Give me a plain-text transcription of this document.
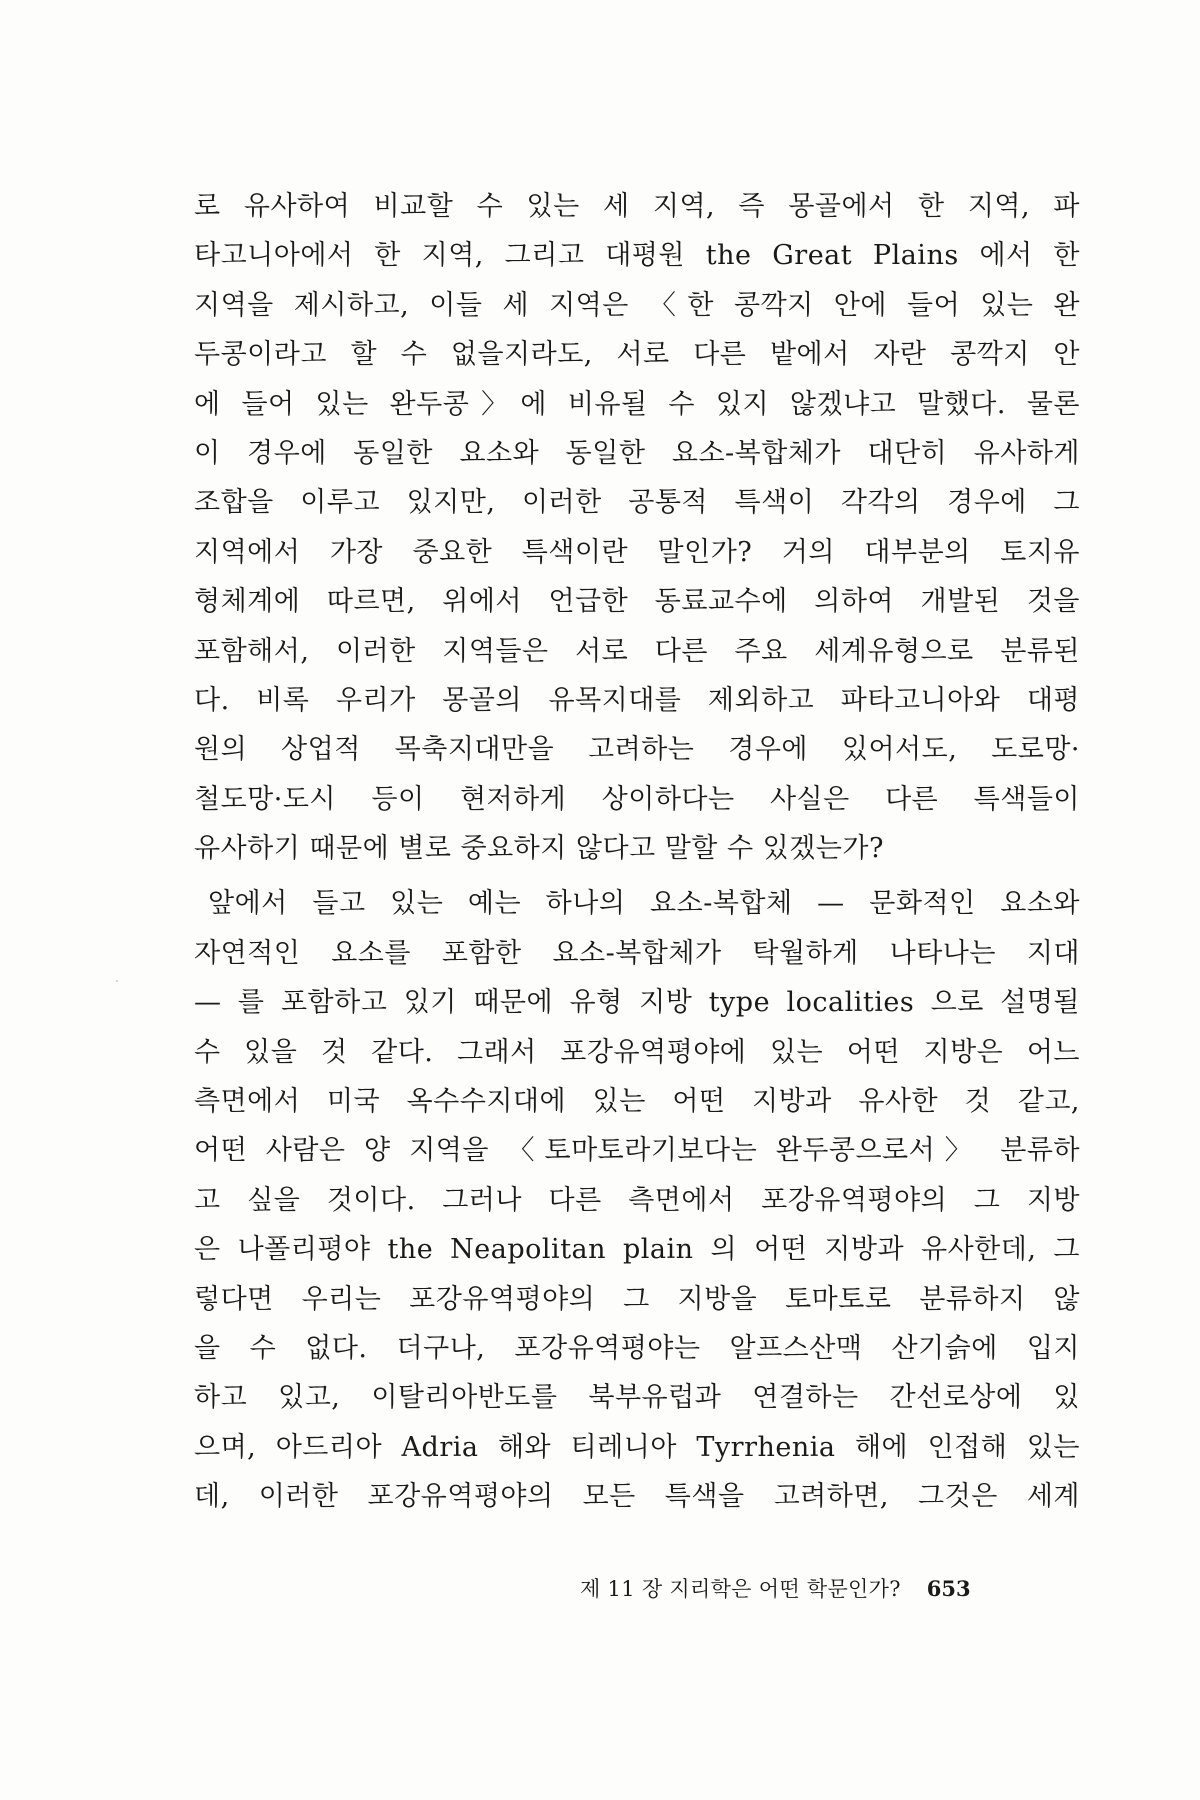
로 유사하여 비교할 수 있는 세 지역, 즉 몽골에서 한 지역, 파
타고니아에서 한 지역, 그리고 대평원 the Great Plains 에서 한
지역을 제시하고, 이들 세 지역은 〈한 콩깍지 안에 들어 있는 완
두콩이라고 할 수 없을지라도, 서로 다른 밭에서 자란 콩깍지 안
에 들어 있는 완두콩〉에 비유될 수 있지 않겠냐고 말했다. 물론
이 경우에 동일한 요소와 동일한 요소-복합체가 대단히 유사하게
조합을 이루고 있지만, 이러한 공통적 특색이 각각의 경우에 그
지역에서 가장 중요한 특색이란 말인가? 거의 대부분의 토지유
형체계에 따르면, 위에서 언급한 동료교수에 의하여 개발된 것을
포함해서, 이러한 지역들은 서로 다른 주요 세계유형으로 분류된
다. 비록 우리가 몽골의 유목지대를 제외하고 파타고니아와 대평
원의 상업적 목축지대만을 고려하는 경우에 있어서도, 도로망·
철도망·도시 등이 현저하게 상이하다는 사실은 다른 특색들이
유사하기 때문에 별로 중요하지 않다고 말할 수 있겠는가?
앞에서 들고 있는 예는 하나의 요소-복합체 — 문화적인 요소와
자연적인 요소를 포함한 요소-복합체가 탁월하게 나타나는 지대
— 를 포함하고 있기 때문에 유형 지방 type localities 으로 설명될
수 있을 것 같다. 그래서 포강유역평야에 있는 어떤 지방은 어느
측면에서 미국 옥수수지대에 있는 어떤 지방과 유사한 것 같고,
어떤 사람은 양 지역을 〈토마토라기보다는 완두콩으로서〉 분류하
고 싶을 것이다. 그러나 다른 측면에서 포강유역평야의 그 지방
은 나폴리평야 the Neapolitan plain 의 어떤 지방과 유사한데, 그
렇다면 우리는 포강유역평야의 그 지방을 토마토로 분류하지 않
을 수 없다. 더구나, 포강유역평야는 알프스산맥 산기슭에 입지
하고 있고, 이탈리아반도를 북부유럽과 연결하는 간선로상에 있
으며, 아드리아 Adria 해와 티레니아 Tyrrhenia 해에 인접해 있는
데, 이러한 포강유역평야의 모든 특색을 고려하면, 그것은 세계
제 11 장 지리학은 어떤 학문인가? 653
